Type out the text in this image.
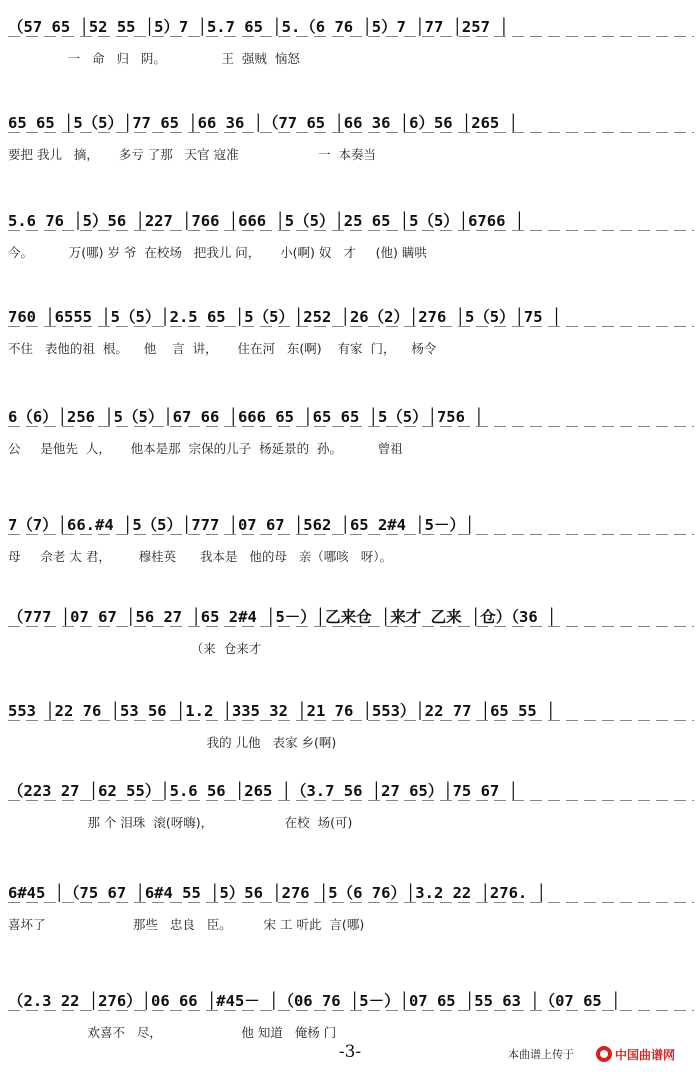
（57 65 │52 55 │5）7 │5.7 65 │5.（6 76 │5）7 │77 │257 │
一   命   归   阴。              王  强贼  恼怒
65 65 │5（5）│77 65 │66 36 │（77 65 │66 36 │6）56 │265 │
要把 我儿   摘，     多亏 了那   天官 寇准                    一  本奏当
5.6 76 │5）56 │227 │766 │666 │5（5）│25 65 │5（5）│6766 │
今。         万(哪) 岁 爷  在校场   把我儿 问，     小(啊) 奴   才     (他) 瞒哄
760 │6555 │5（5）│2.5 65 │5（5）│252 │26（2）│276 │5（5）│75 │
不住   表他的祖  根。    他    言  讲，     住在河   东(啊)    有家  门，    杨令
6（6）│256 │5（5）│67 66 │666 65 │65 65 │5（5）│756 │
公     是他先  人，     他本是那  宗保的儿子  杨延景的  孙。         曾祖
7（7）│66.#4 │5（5）│777 │07 67 │562 │65 2#4 │5－）│
母     佘老 太 君，       穆桂英      我本是   他的母   亲（哪咳   呀）。
（777 │07 67 │56 27 │65 2#4 │5－）│乙来仓 │来才 乙来 │仓）（36 │
（来  仓来才
553 │22 76 │53 56 │1.2 │335 32 │21 76 │553）│22 77 │65 55 │
我的 儿他   表家 乡(啊)
（223 27 │62 55）│5.6 56 │265 │（3.7 56 │27 65）│75 67 │
那 个 泪珠  滚(呀嗨)，                  在校  场(可)
6#45 │（75 67 │6#4 55 │5）56 │276 │5（6 76）│3.2 22 │276. │
喜坏了                      那些   忠良   臣。        宋 工 听此  言(哪)
（2.3 22 │276）│06 66 │#45－ │（06 76 │5－）│07 65 │55 63 │（07 65 │
欢喜不   尽，                    他 知道   俺杨 门
-3-	本曲谱上传于	中国曲谱网
